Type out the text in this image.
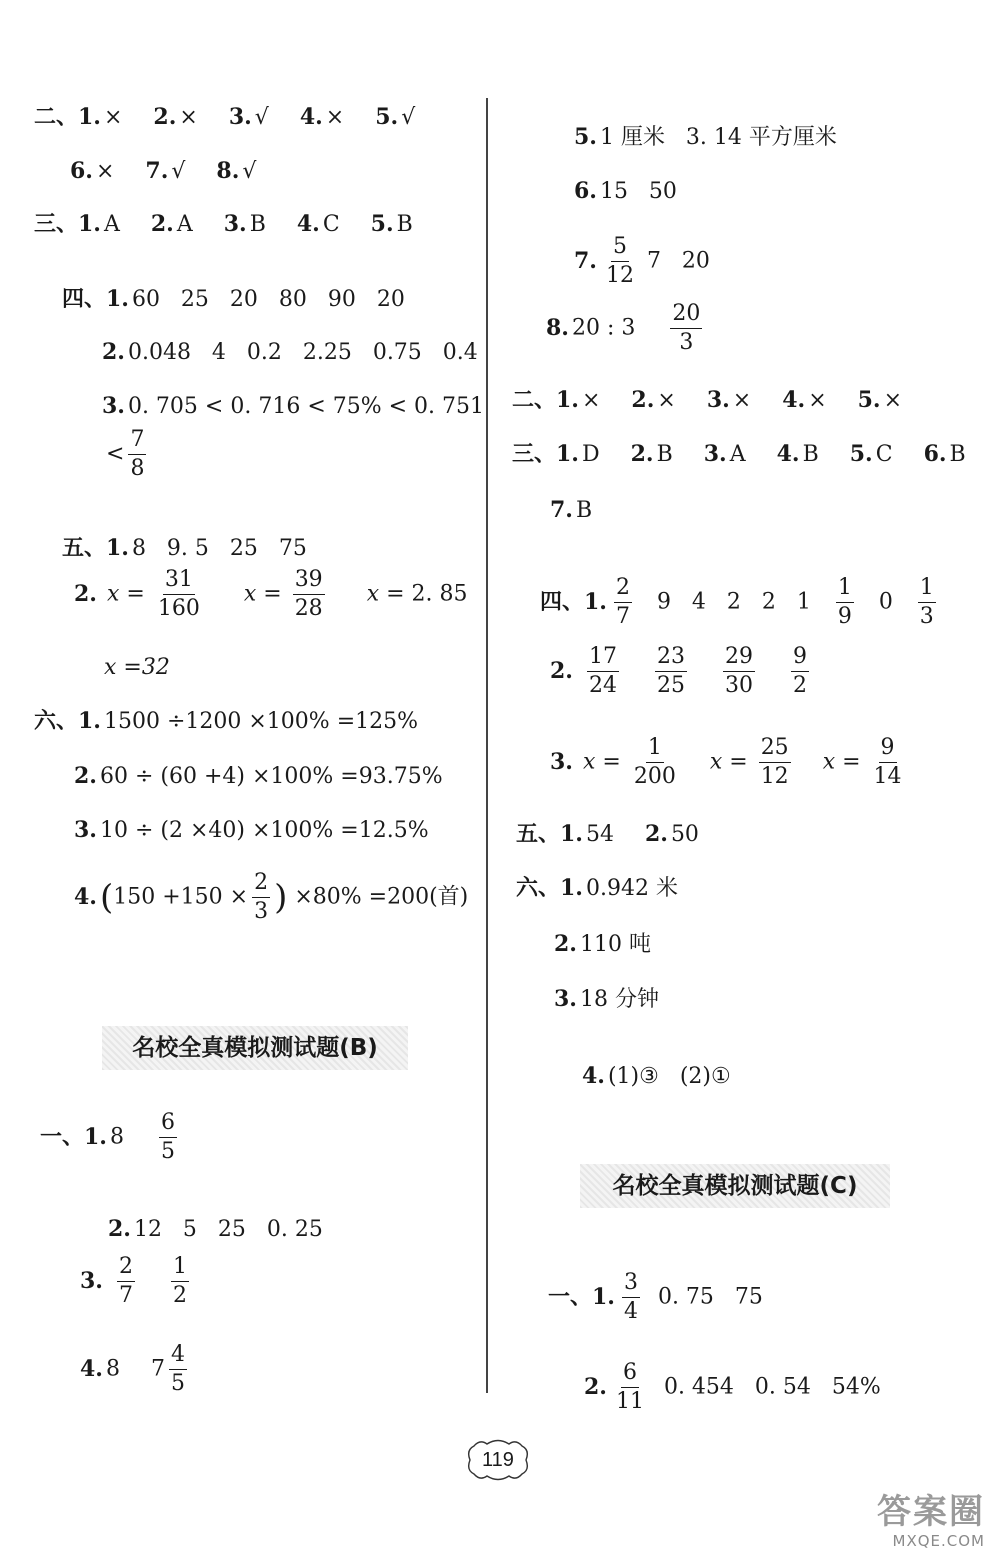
二、1. × 2. × 3. √ 4. × 5. √
6. × 7. √ 8. √
三、1. A 2. A 3. B 4. C 5. B

四、1. 60   25   20   80   90   20

2. 0.048   4   0.2   2.25   0.75   0.4

3. 0. 705 < 0. 716 < 75% < 0. 751

< $\frac{7}{8}$

五、1. 8   9. 5   25   75

2. $x = \frac{31}{160}$ $x = \frac{39}{28}$ x = 2. 85
x =32
六、1. 1500 ÷1200 ×100% =125%
2. 60 ÷ (60 +4) ×100% =93.75%
3. 10 ÷ (2 ×40) ×100% =12.5%
$4.(150 +150 \times \frac{2}{3}$ ) ×80% =200(首)
名校全真模拟测试题(B)
一、1. $8 \frac{6}{5}$

2. 12   5   25   0. 25

3. $\frac{2}{7}$
$\frac{1}{2}$
4. 8 $7 \frac{4}{5}$

5. 1 厘米   3. 14 平方厘米

6. 15   50

7. $\frac{5}{12} 7$   20

8. 20 : $3 \frac{20}{3}$
二、1. × 2. × 3. × 4. × 5. ×
三、1. D 2. B 3. A 4. B 5. C 6. B
7. B

四、1. $\frac{2}{7} 9$   4   2   2   $1 \frac{1}{9} 0 \frac{1}{3}$

2. $\frac{17}{24}$
$\frac{23}{25}$
$\frac{29}{30}$
$\frac{9}{2}$
3. $x = \frac{1}{200}$ $x = \frac{25}{12}$ $x = \frac{9}{14}$
五、1. 54 2. 50
六、1. 0.942 米
2. 110 吨
3. 18 分钟

4. (1)③   (2)①

名校全真模拟测试题(C)

一、1. $\frac{3}{4} 0$. 75   75

2. $\frac{6}{11} 0$. 454   0. 54   54%

119
答案圈
MXQE.COM
